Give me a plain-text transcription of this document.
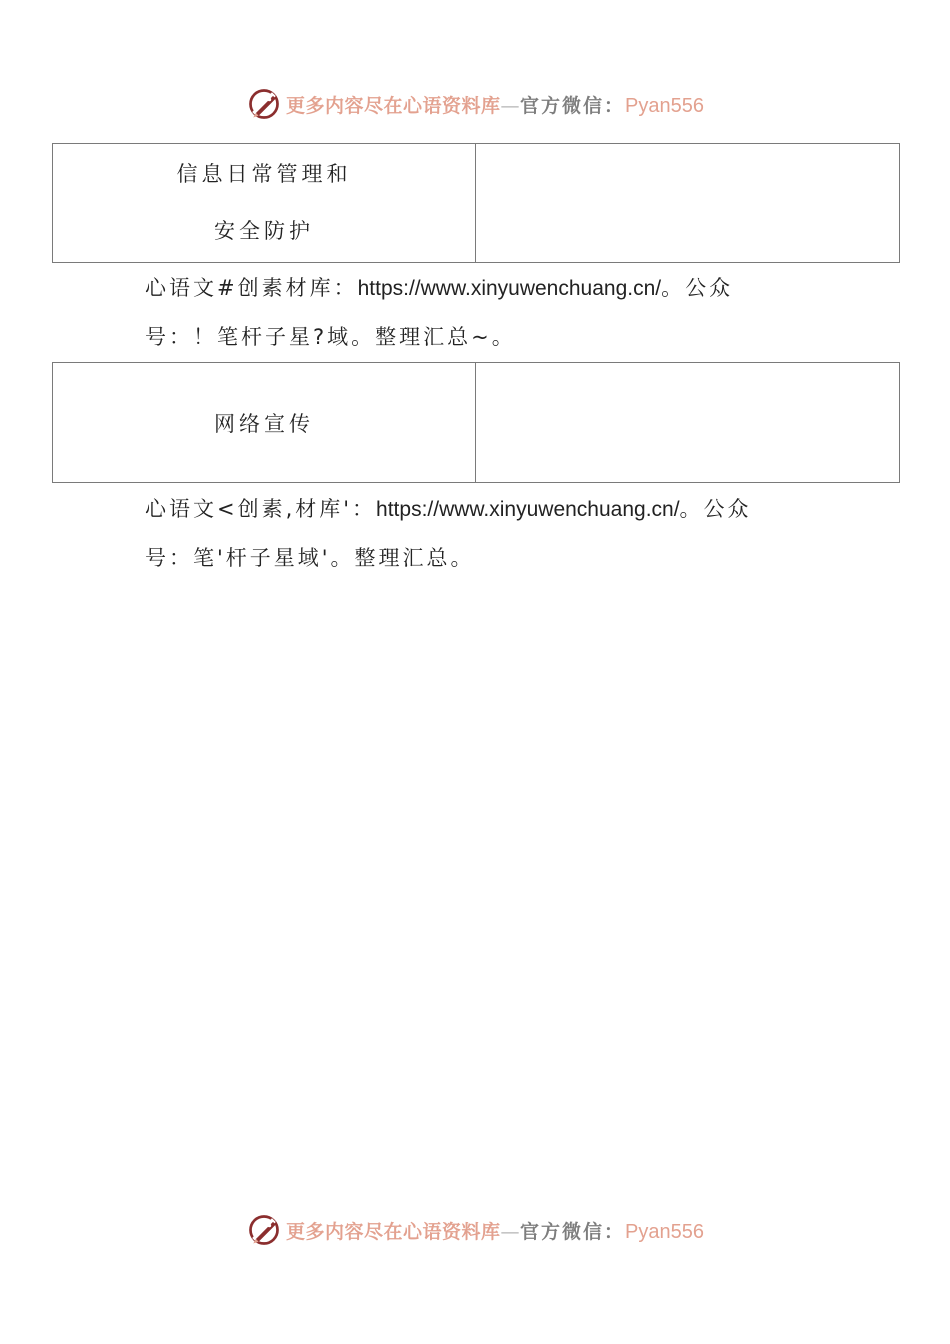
更多内容尽在心语资料库—官方微信：Pyan556
信息日常管理和
安全防护

心语文#创素材库：https://www.xinyuwenchuang.cn/。公众
号：！笔杆子星?域。整理汇总~。
网络宣传	
心语文<创素,材库'：https://www.xinyuwenchuang.cn/。公众
号：笔'杆子星域'。整理汇总。
更多内容尽在心语资料库—官方微信：Pyan556
